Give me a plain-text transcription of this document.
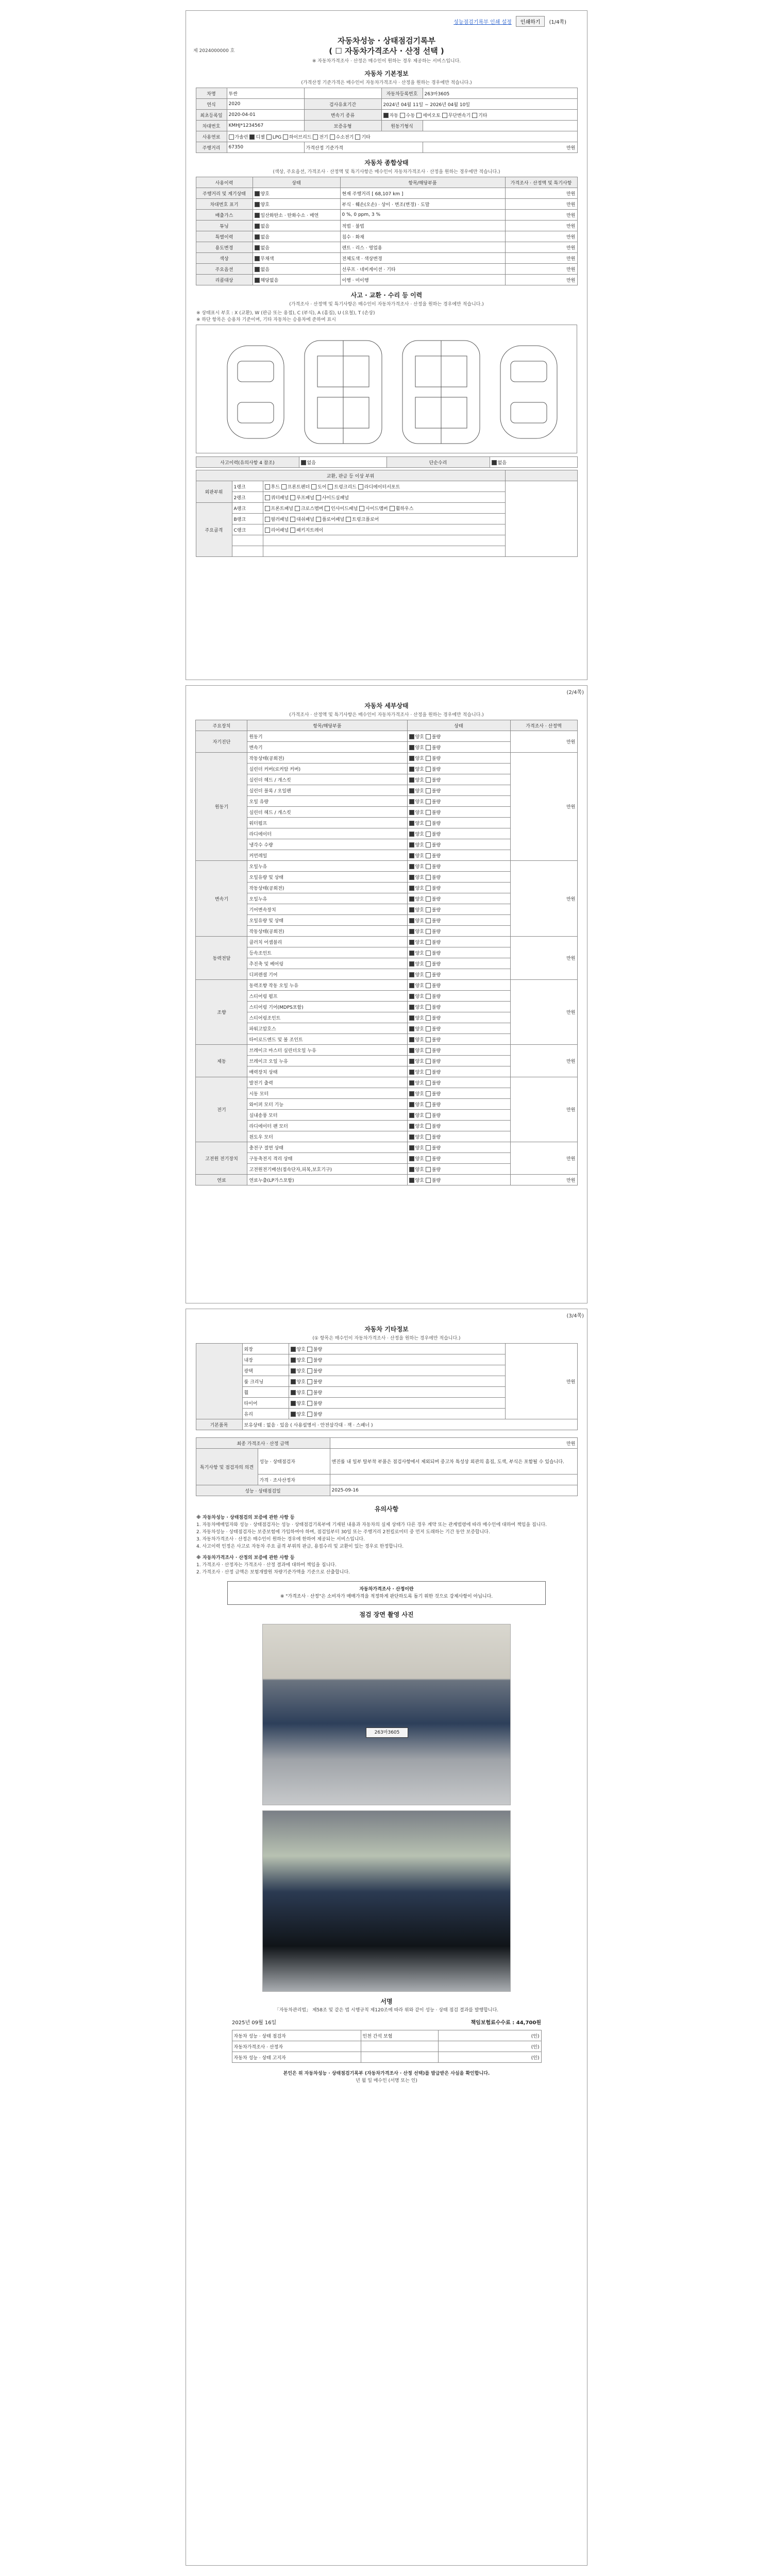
성능점검기록부 인쇄 설정	인쇄하기	(1/4쪽)
제 2024000000 호
자동차성능 · 상태점검기록부
( ☐ 자동차가격조사 · 산정 선택 )
※ 자동차가격조사 · 산정은 매수인이 원하는 경우 제공하는 서비스입니다.
자동차 기본정보
(가격산정 기준가격은 매수인이 자동차가격조사 · 산정을 원하는 경우에만 적습니다.)
차명	투싼		자동차등록번호	263마3605
연식	2020	검사유효기간	2024년 04월 11일 ~ 2026년 04월 10일	
최초등록일	2020-04-01	변속기 종류	자동 수동 세미오토 무단변속기 기타	
차대번호	KMHJ*1234567	보증유형	원동기형식	
사용연료	가솔린 디젤 LPG 하이브리드 전기 수소전기 기타			
주행거리	67350	가격산정 기준가격		만원
자동차 종합상태
(색상, 주요옵션, 가격조사 · 산정액 및 특기사항은 매수인이 자동차가격조사 · 산정을 원하는 경우에만 적습니다.)
사용이력	상태	항목/해당부품	가격조사 · 산정액 및 특기사항
주행거리 및 계기상태	양호	현재 주행거리 [ 68,107 km ]	만원
차대번호 표기	양호	부식 · 훼손(오손) · 상이 · 변조(변경) · 도말	만원
배출가스	일산화탄소 · 탄화수소 · 매연	0 %, 0 ppm, 3 %	만원
튜닝	없음	적법 · 불법	만원
특별이력	없음	침수 · 화재	만원
용도변경	없음	렌트 · 리스 · 영업용	만원
색상	무채색	전체도색 · 색상변경	만원
주요옵션	없음	선루프 · 네비게이션 · 기타	만원
리콜대상	해당없음	이행 · 미이행	만원
사고 · 교환 · 수리 등 이력
(가격조사 · 산정액 및 특기사항은 매수인이 자동차가격조사 · 산정을 원하는 경우에만 적습니다.)
※ 상태표시 부호 : X (교환), W (판금 또는 용접), C (부식), A (흠집), U (요철), T (손상)
※ 하단 항목은 승용차 기준이며, 기타 자동차는 승용차에 준하여 표시
사고이력(유의사항 4 참조)	없음	단순수리	없음
교환, 판금 등 이상 부위			
외판부위	1랭크	후드 프론트펜더 도어 트렁크리드 라디에이터서포트	
	2랭크	쿼터패널 루프패널 사이드실패널	
주요골격	A랭크	프론트패널 크로스멤버 인사이드패널 사이드멤버 휠하우스	
	B랭크	필러패널 대쉬패널 플로어패널 트렁크플로어	
	C랭크	리어패널 패키지트레이	

(2/4쪽)
자동차 세부상태
(가격조사 · 산정액 및 특기사항은 매수인이 자동차가격조사 · 산정을 원하는 경우에만 적습니다.)
주요장치	항목/해당부품	상태	가격조사 · 산정액
자기진단	원동기	양호 불량	만원
	변속기	양호 불량	
원동기	작동상태(공회전)	양호 불량	만원
	실린더 커버(로커암 커버)	양호 불량	
	실린더 헤드 / 개스킷	양호 불량	
	실린더 블록 / 오일팬	양호 불량	
	오일 유량	양호 불량	
	실린더 헤드 / 개스킷	양호 불량	
	워터펌프	양호 불량	
	라디에이터	양호 불량	
	냉각수 수량	양호 불량	
	커먼레일	양호 불량	
변속기	오일누유	양호 불량	만원
	오일유량 및 상태	양호 불량	
	작동상태(공회전)	양호 불량	
	오일누유	양호 불량	
	기어변속장치	양호 불량	
	오일유량 및 상태	양호 불량	
	작동상태(공회전)	양호 불량	
동력전달	클러치 어셈블리	양호 불량	만원
	등속조인트	양호 불량	
	추진축 및 베어링	양호 불량	
	디퍼렌셜 기어	양호 불량	
조향	동력조향 작동 오일 누유	양호 불량	만원
	스티어링 펌프	양호 불량	
	스티어링 기어(MDPS포함)	양호 불량	
	스티어링조인트	양호 불량	
	파워고압호스	양호 불량	
	타이로드엔드 및 볼 조인트	양호 불량	
제동	브레이크 마스터 실린더오일 누유	양호 불량	만원
	브레이크 오일 누유	양호 불량	
	배력장치 상태	양호 불량	
전기	발전기 출력	양호 불량	만원
	시동 모터	양호 불량	
	와이퍼 모터 기능	양호 불량	
	실내송풍 모터	양호 불량	
	라디에이터 팬 모터	양호 불량	
	윈도우 모터	양호 불량	
고전원 전기장치	충전구 절연 상태	양호 불량	만원
	구동축전지 격리 상태	양호 불량	
	고전원전기배선(접속단자,피복,보호기구)	양호 불량	
연료	연료누출(LP가스포함)	양호 불량	만원
(3/4쪽)
자동차 기타정보
(① 항목은 매수인이 자동차가격조사 · 산정을 원하는 경우에만 적습니다.)
	외장	양호 불량	만원
	내장	양호 불량	
	광택	양호 불량	
	룸 크리닝	양호 불량	
	휠	양호 불량	
	타이어	양호 불량	
	유리	양호 불량	
기본품목	보유상태 : 없음 · 있음 ( 사용설명서 · 안전삼각대 · 잭 · 스패너 )		
최종 가격조사 · 산정 금액		만원
특기사항 및 점검자의 의견	성능 · 상태점검자	엔진룸 내 일부 탈부착 부품은 점검사항에서 제외되며 중고차 특성상 외관의 흠집, 도색, 부식은 포함될 수 있습니다.
	가격 · 조사산정자	
성능 · 상태점검일		2025-09-16
유의사항
※ 자동차성능 · 상태점검의 보증에 관한 사항 등
1. 자동차매매업자와 성능 · 상태점검자는 성능 · 상태점검기록부에 기재된 내용과 자동차의 실제 상태가 다른 경우 계약 또는 관계법령에 따라 매수인에 대하여 책임을 집니다.
2. 자동차성능 · 상태점검자는 보증보험에 가입하여야 하며, 점검일부터 30일 또는 주행거리 2천킬로미터 중 먼저 도래하는 기간 동안 보증합니다.
3. 자동차가격조사 · 산정은 매수인이 원하는 경우에 한하여 제공되는 서비스입니다.
4. 사고이력 인정은 사고로 자동차 주요 골격 부위의 판금, 용접수리 및 교환이 있는 경우로 한정합니다.
※ 자동차가격조사 · 산정의 보증에 관한 사항 등
1. 가격조사 · 산정자는 가격조사 · 산정 결과에 대하여 책임을 집니다.
2. 가격조사 · 산정 금액은 보험개발원 차량기준가액을 기준으로 산출합니다.
자동차가격조사 · 산정이란
※ "가격조사 · 산정"은 소비자가 매매가격을 적정하게 판단하도록 돕기 위한 것으로 강제사항이 아닙니다.
점검 장면 촬영 사진
263마3605
서명
「자동차관리법」 제58조 및 같은 법 시행규칙 제120조에 따라 위와 같이 성능 · 상태 점검 결과를 발행합니다.
2025년 09월 16일	책임보험료수수료 : 44,700원
자동차 성능 · 상태 점검자	인천 간석 보험	(인)
자동차가격조사 · 산정자		(인)
자동차 성능 · 상태 고지자		(인)
본인은 위 자동차성능 · 상태점검기록부 (자동차가격조사 · 산정 선택)를 발급받은 사실을 확인합니다.
년 월 일 매수인 (서명 또는 인)
